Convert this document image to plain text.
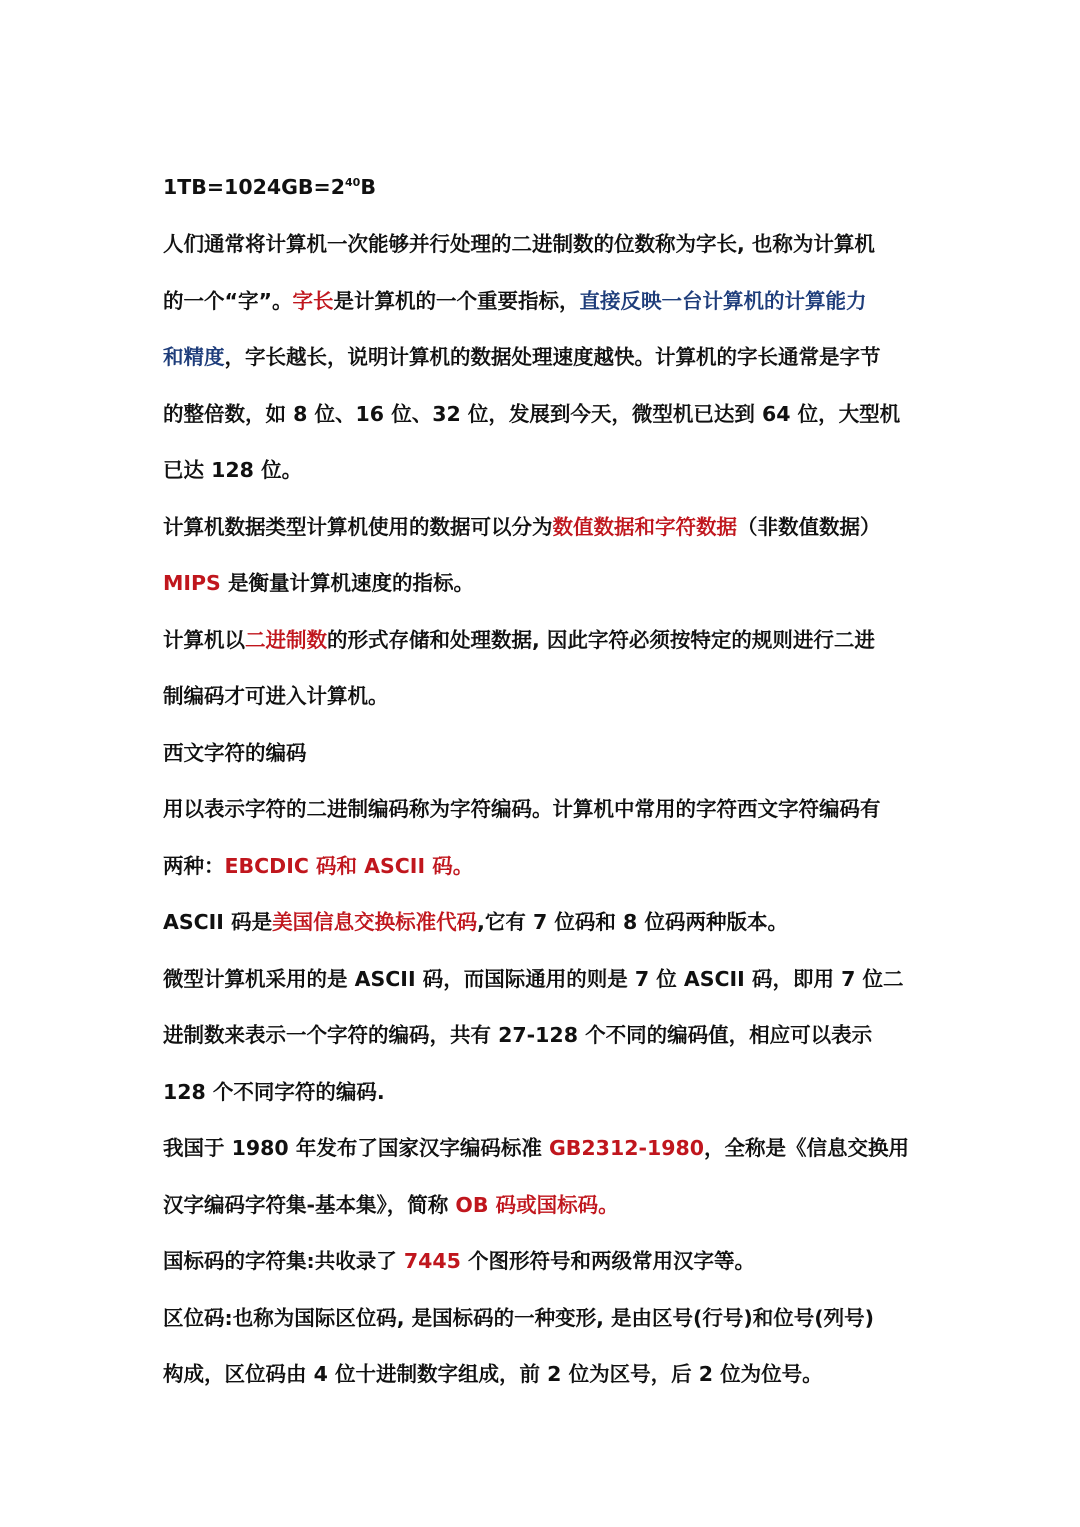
$1TB=1024GB=2^{40}B$
人们通常将计算机一次能够并行处理的二进制数的位数称为字长, 也称为计算机
的一个“字”。字长是计算机的一个重要指标，直接反映一台计算机的计算能力
和精度，字长越长，说明计算机的数据处理速度越快。计算机的字长通常是字节
的整倍数，如 8 位、16 位、32 位，发展到今天，微型机已达到 64 位，大型机
已达 128 位。
计算机数据类型计算机使用的数据可以分为数值数据和字符数据（非数值数据）
MIPS 是衡量计算机速度的指标。
计算机以二进制数的形式存储和处理数据, 因此字符必须按特定的规则进行二进
制编码才可进入计算机。
西文字符的编码
用以表示字符的二进制编码称为字符编码。计算机中常用的字符西文字符编码有
两种：EBCDIC 码和 ASCII 码。
ASCII 码是美国信息交换标准代码,它有 7 位码和 8 位码两种版本。
微型计算机采用的是 ASCII 码，而国际通用的则是 7 位 ASCII 码，即用 7 位二
进制数来表示一个字符的编码，共有 27-128 个不同的编码值，相应可以表示
128 个不同字符的编码.
我国于 1980 年发布了国家汉字编码标准 GB2312-1980，全称是《信息交换用
汉字编码字符集-基本集》，简称 OB 码或国标码。
国标码的字符集:共收录了 7445 个图形符号和两级常用汉字等。
区位码:也称为国际区位码, 是国标码的一种变形, 是由区号(行号)和位号(列号)
构成，区位码由 4 位十进制数字组成，前 2 位为区号，后 2 位为位号。
